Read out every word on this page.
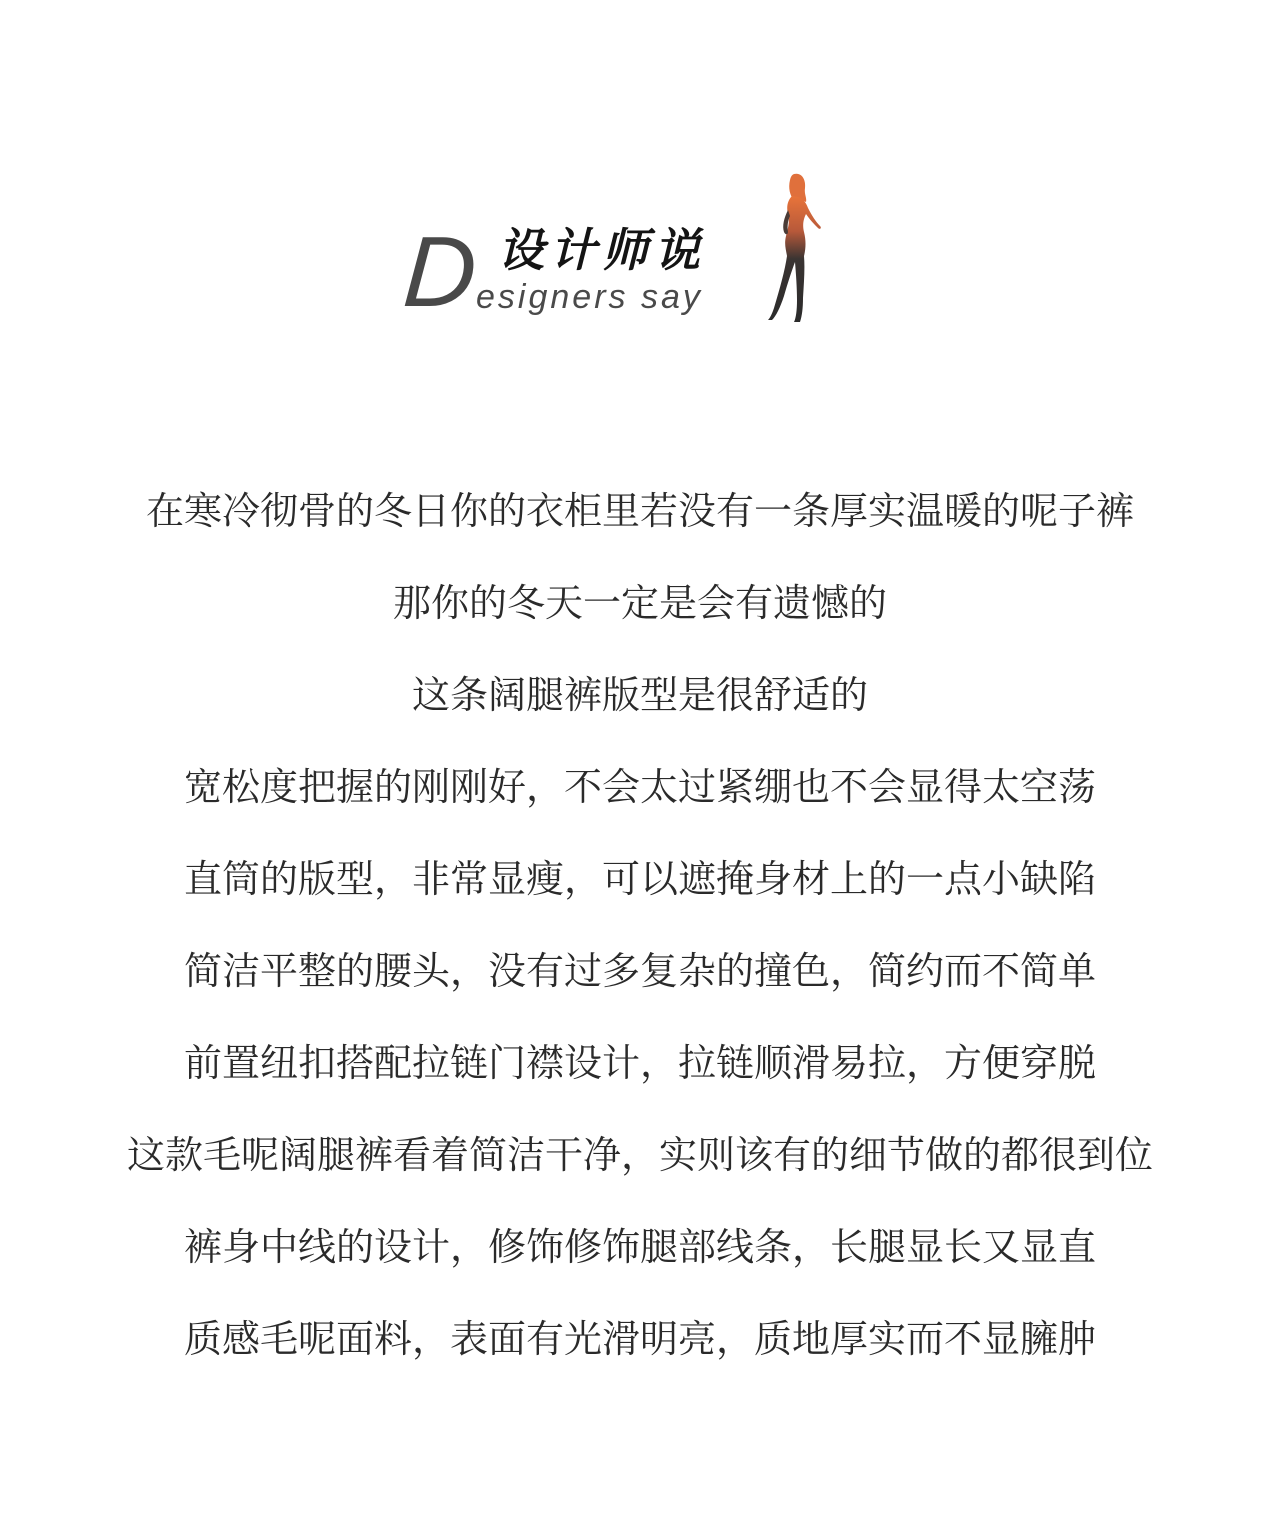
D 设计师说
esigners say
在寒冷彻骨的冬日你的衣柜里若没有一条厚实温暖的呢子裤
那你的冬天一定是会有遗憾的
这条阔腿裤版型是很舒适的
宽松度把握的刚刚好，不会太过紧绷也不会显得太空荡
直筒的版型，非常显瘦，可以遮掩身材上的一点小缺陷
简洁平整的腰头，没有过多复杂的撞色，简约而不简单
前置纽扣搭配拉链门襟设计，拉链顺滑易拉，方便穿脱
这款毛呢阔腿裤看着简洁干净，实则该有的细节做的都很到位
裤身中线的设计，修饰修饰腿部线条，长腿显长又显直
质感毛呢面料，表面有光滑明亮，质地厚实而不显臃肿
